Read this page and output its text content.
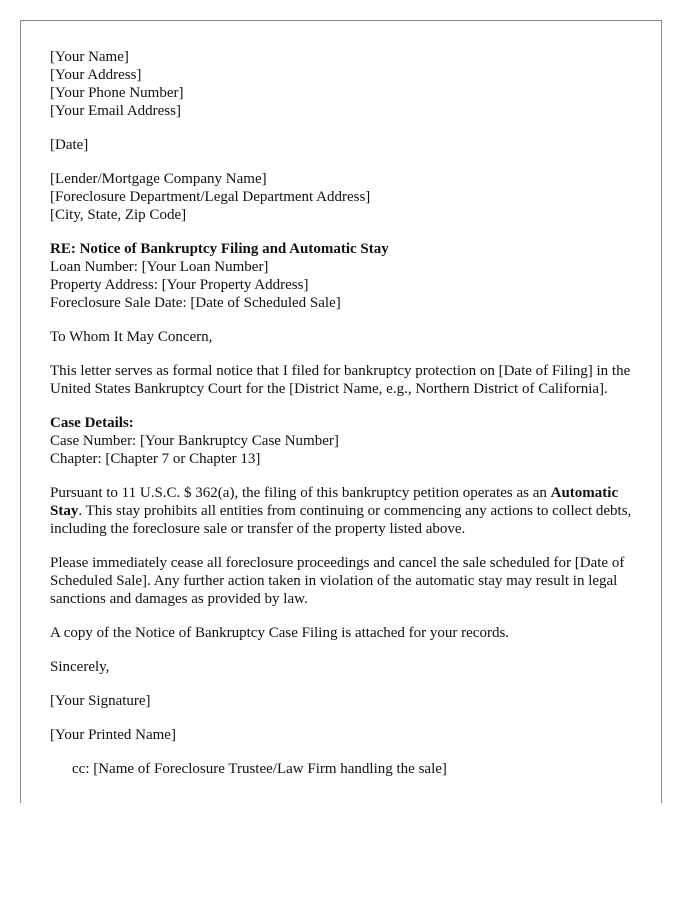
[Your Name]
[Your Address]
[Your Phone Number]
[Your Email Address]
[Date]
[Lender/Mortgage Company Name]
[Foreclosure Department/Legal Department Address]
[City, State, Zip Code]
RE: Notice of Bankruptcy Filing and Automatic Stay
Loan Number: [Your Loan Number]
Property Address: [Your Property Address]
Foreclosure Sale Date: [Date of Scheduled Sale]

To Whom It May Concern,

This letter serves as formal notice that I filed for bankruptcy protection on [Date of Filing] in the United States Bankruptcy Court for the [District Name, e.g., Northern District of California].

Case Details:
Case Number: [Your Bankruptcy Case Number]
Chapter: [Chapter 7 or Chapter 13]

Pursuant to 11 U.S.C. $ 362(a), the filing of this bankruptcy petition operates as an Automatic Stay. This stay prohibits all entities from continuing or commencing any actions to collect debts, including the foreclosure sale or transfer of the property listed above.

Please immediately cease all foreclosure proceedings and cancel the sale scheduled for [Date of Scheduled Sale]. Any further action taken in violation of the automatic stay may result in legal sanctions and damages as provided by law.

A copy of the Notice of Bankruptcy Case Filing is attached for your records.

Sincerely,

[Your Signature]

[Your Printed Name]

cc: [Name of Foreclosure Trustee/Law Firm handling the sale]
